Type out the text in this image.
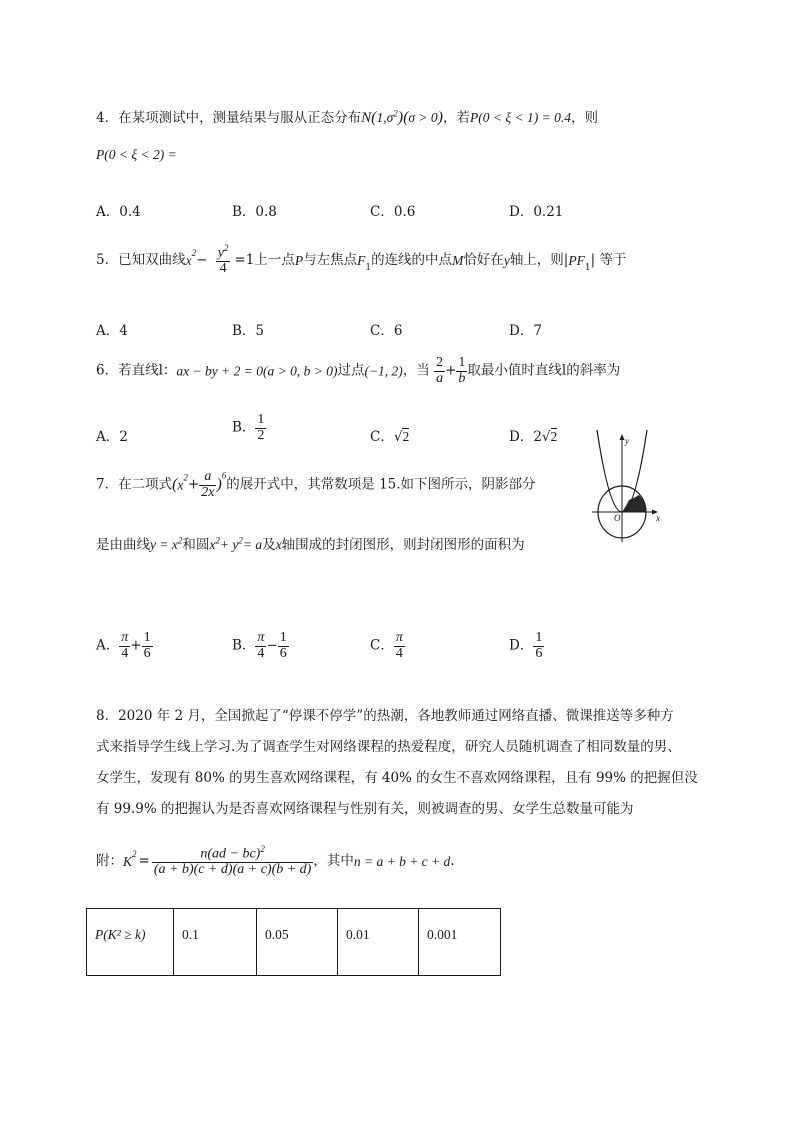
4．在某项测试中，测量结果与服从正态分布$N(1,\sigma^2)(\sigma > 0)$，若P(0 < ξ < 1) = 0.4，则
P(0 < ξ < 2) =
A．0.4	B．0.8	C．0.6	D．0.21
5．已知双曲线$x^2- \frac{y^2}{4} =1$上一点P与左焦点$F_1$的连线的中点M恰好在y轴上，则$|PF_1|$ 等于
A．4	B．5	C．6	D．7
6．若直线l：ax − by + 2 = 0(a > 0, b > 0)过点(−1, 2)，当 $\frac{2}{a} + \frac{1}{b}$ 取最小值时直线l的斜率为
A．2
B． $\frac{1}{2}$	C．√2	D．2√2
7．在二项式$(x^2+ \frac{a}{2x} )^6$的展开式中，其常数项是 15.如下图所示，阴影部分
是由曲线$y = x^2$和圆$x^2+ y^2= a$及x轴围成的封闭图形，则封闭图形的面积为
y
O	x
A． $\frac{\pi}{4} + \frac{1}{6}$	B． $\frac{\pi}{4} - \frac{1}{6}$	C． $\frac{\pi}{4}$	D． $\frac{1}{6}$
8．2020 年 2 月，全国掀起了“停课不停学”的热潮，各地教师通过网络直播、微课推送等多种方
式来指导学生线上学习.为了调查学生对网络课程的热爱程度，研究人员随机调查了相同数量的男、
女学生，发现有 80% 的男生喜欢网络课程，有 40% 的女生不喜欢网络课程，且有 99% 的把握但没
有 99.9% 的把握认为是否喜欢网络课程与性别有关，则被调查的男、女学生总数量可能为
附：$K^2 = \frac{n(ad - bc)^2}{(a + b)(c + d)(a + c)(b + d)}$ ，其中n = a + b + c + d.
P(K² ≥ k)	0.1	0.05	0.01	0.001
